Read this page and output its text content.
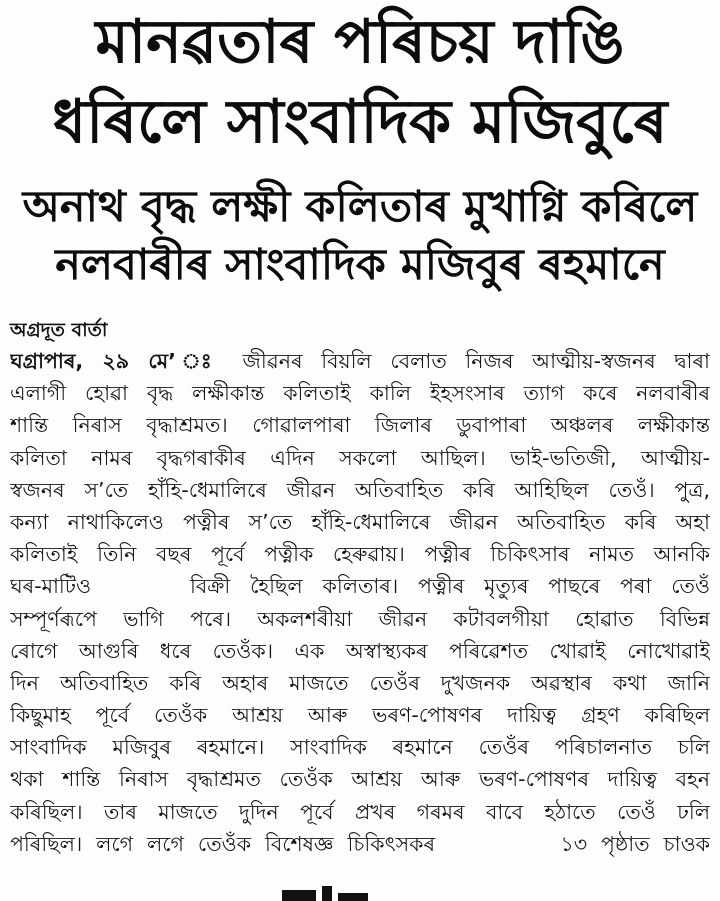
মানৱতাৰ পৰিচয় দাঙি
ধৰিলে সাংবাদিক মজিবুৰে
অনাথ বৃদ্ধ লক্ষী কলিতাৰ মুখাগ্নি কৰিলে
নলবাৰীৰ সাংবাদিক মজিবুৰ ৰহমানে
অগ্ৰদূত বাৰ্তা
ঘগ্ৰাপাৰ, ২৯ মে’ ঃ জীৱনৰ বিয়লি বেলাত নিজৰ আত্মীয়-স্বজনৰ দ্বাৰা
এলাগী হোৱা বৃদ্ধ লক্ষীকান্ত কলিতাই কালি ইহসংসাৰ ত্যাগ কৰে নলবাৰীৰ
শান্তি নিৰাস বৃদ্ধাশ্ৰমত। গোৱালপাৰা জিলাৰ ডুবাপাৰা অঞ্চলৰ লক্ষীকান্ত
কলিতা নামৰ বৃদ্ধগৰাকীৰ এদিন সকলো আছিল। ভাই-ভতিজী, আত্মীয়-
স্বজনৰ স’তে হাঁহি-ধেমালিৰে জীৱন অতিবাহিত কৰি আহিছিল তেওঁ। পুত্ৰ,
কন্যা নাথাকিলেও পত্নীৰ স’তে হাঁহি-ধেমালিৰে জীৱন অতিবাহিত কৰি অহা
কলিতাই তিনি বছৰ পূৰ্বে পত্নীক হেৰুৱায়। পত্নীৰ চিকিৎসাৰ নামত আনকি
ঘৰ-মাটিও     বিক্ৰী হৈছিল কলিতাৰ। পত্নীৰ মৃত্যুৰ পাছৰে পৰা তেওঁ
সম্পূৰ্ণৰূপে ভাগি পৰে। অকলশৰীয়া জীৱন কটাবলগীয়া হোৱাত বিভিন্ন
ৰোগে আগুৰি ধৰে তেওঁক। এক অস্বাস্থ্যকৰ পৰিৱেশত খোৱাই নোখোৱাই
দিন অতিবাহিত কৰি অহাৰ মাজতে তেওঁৰ দুখজনক অৱস্থাৰ কথা জানি
কিছুমাহ পূৰ্বে তেওঁক আশ্ৰয় আৰু ভৰণ-পোষণৰ দায়িত্ব গ্ৰহণ কৰিছিল
সাংবাদিক মজিবুৰ ৰহমানে। সাংবাদিক ৰহমানে তেওঁৰ পৰিচালনাত চলি
থকা শান্তি নিৰাস বৃদ্ধাশ্ৰমত তেওঁক আশ্ৰয় আৰু ভৰণ-পোষণৰ দায়িত্ব বহন
কৰিছিল। তাৰ মাজতে দুদিন পূৰ্বে প্ৰখৰ গৰমৰ বাবে হঠাতে তেওঁ ঢলি
পৰিছিল। লগে লগে তেওঁক বিশেষজ্ঞ চিকিৎসকৰ	১৩ পৃষ্ঠাত চাওক
